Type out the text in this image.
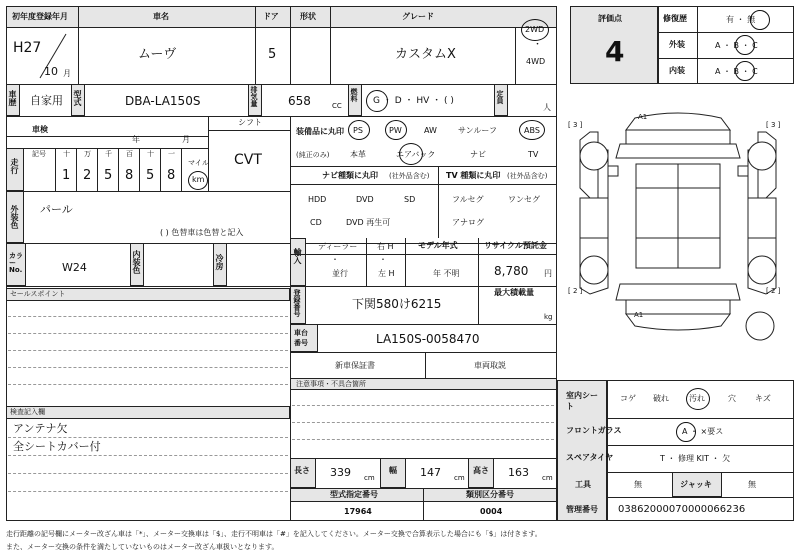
初年度登録年月	車名	ドア	形状	グレード
H27
10 月
ムーヴ	5	カスタムX
2WD
・
4WD
車歴 自家用 型式	DBA-LA150S	排気量	658	CC
燃料 G ・ D ・ HV ・ ( )	定員
人
車検
年	月
シフト
CVT
走行
記号 十 万 千 百 十 一
1 2 5 8 5 8
マイル
km
装備品に丸印
(純正のみ)
PS	PW	AW	サンルーフ	ABS
本革	エアバック	ナビ	TV
ナビ種類に丸印 (社外品含む) TV 種類に丸印 (社外品含む)
HDD	DVD	SD
CD	DVD 再生可
フルセグ	ワンセグ
アナログ
外装色 パール
( ) 色替車は色替と記入
カラーNo.	W24	内装色	冷房	輸入
ディーラー
・
並行
右 H
・
左 H
モデル年式
年 不明
リサイクル預託金
8,780 円
セールスポイント	登録番号	下関580け6215
最大積載量
kg
車台番号	LA150S-0058470
新車保証書	車両取説
注意事項・不具合箇所
検査記入欄
アンテナ欠
全シートカバー付
長さ 339 cm
幅 147 cm
高さ 163 cm
型式指定番号	類別区分番号
17964	0004
評価点
4
修復歴
外装
内装
有 ・ 無
A ・ B ・ C
A ・ B ・ C
[ 3 ]	[ 3 ]
[ 2 ]	[ 2 ]
A1
A1
室内シート
コゲ 破れ	汚れ	穴 キズ
フロントガラス	A ・ ×要ス
スペアタイヤ	T ・ 修理 KIT ・ 欠
工具	無	ジャッキ	無
管理番号 03862000070000066236
走行距離の記号欄にメーター改ざん車は「*」、メーター交換車は「$」、走行不明車は「#」を記入してください。メーター交換で合算表示した場合にも「$」は付きます。
また、メーター交換の条件を満たしていないものはメーター改ざん車扱いとなります。
